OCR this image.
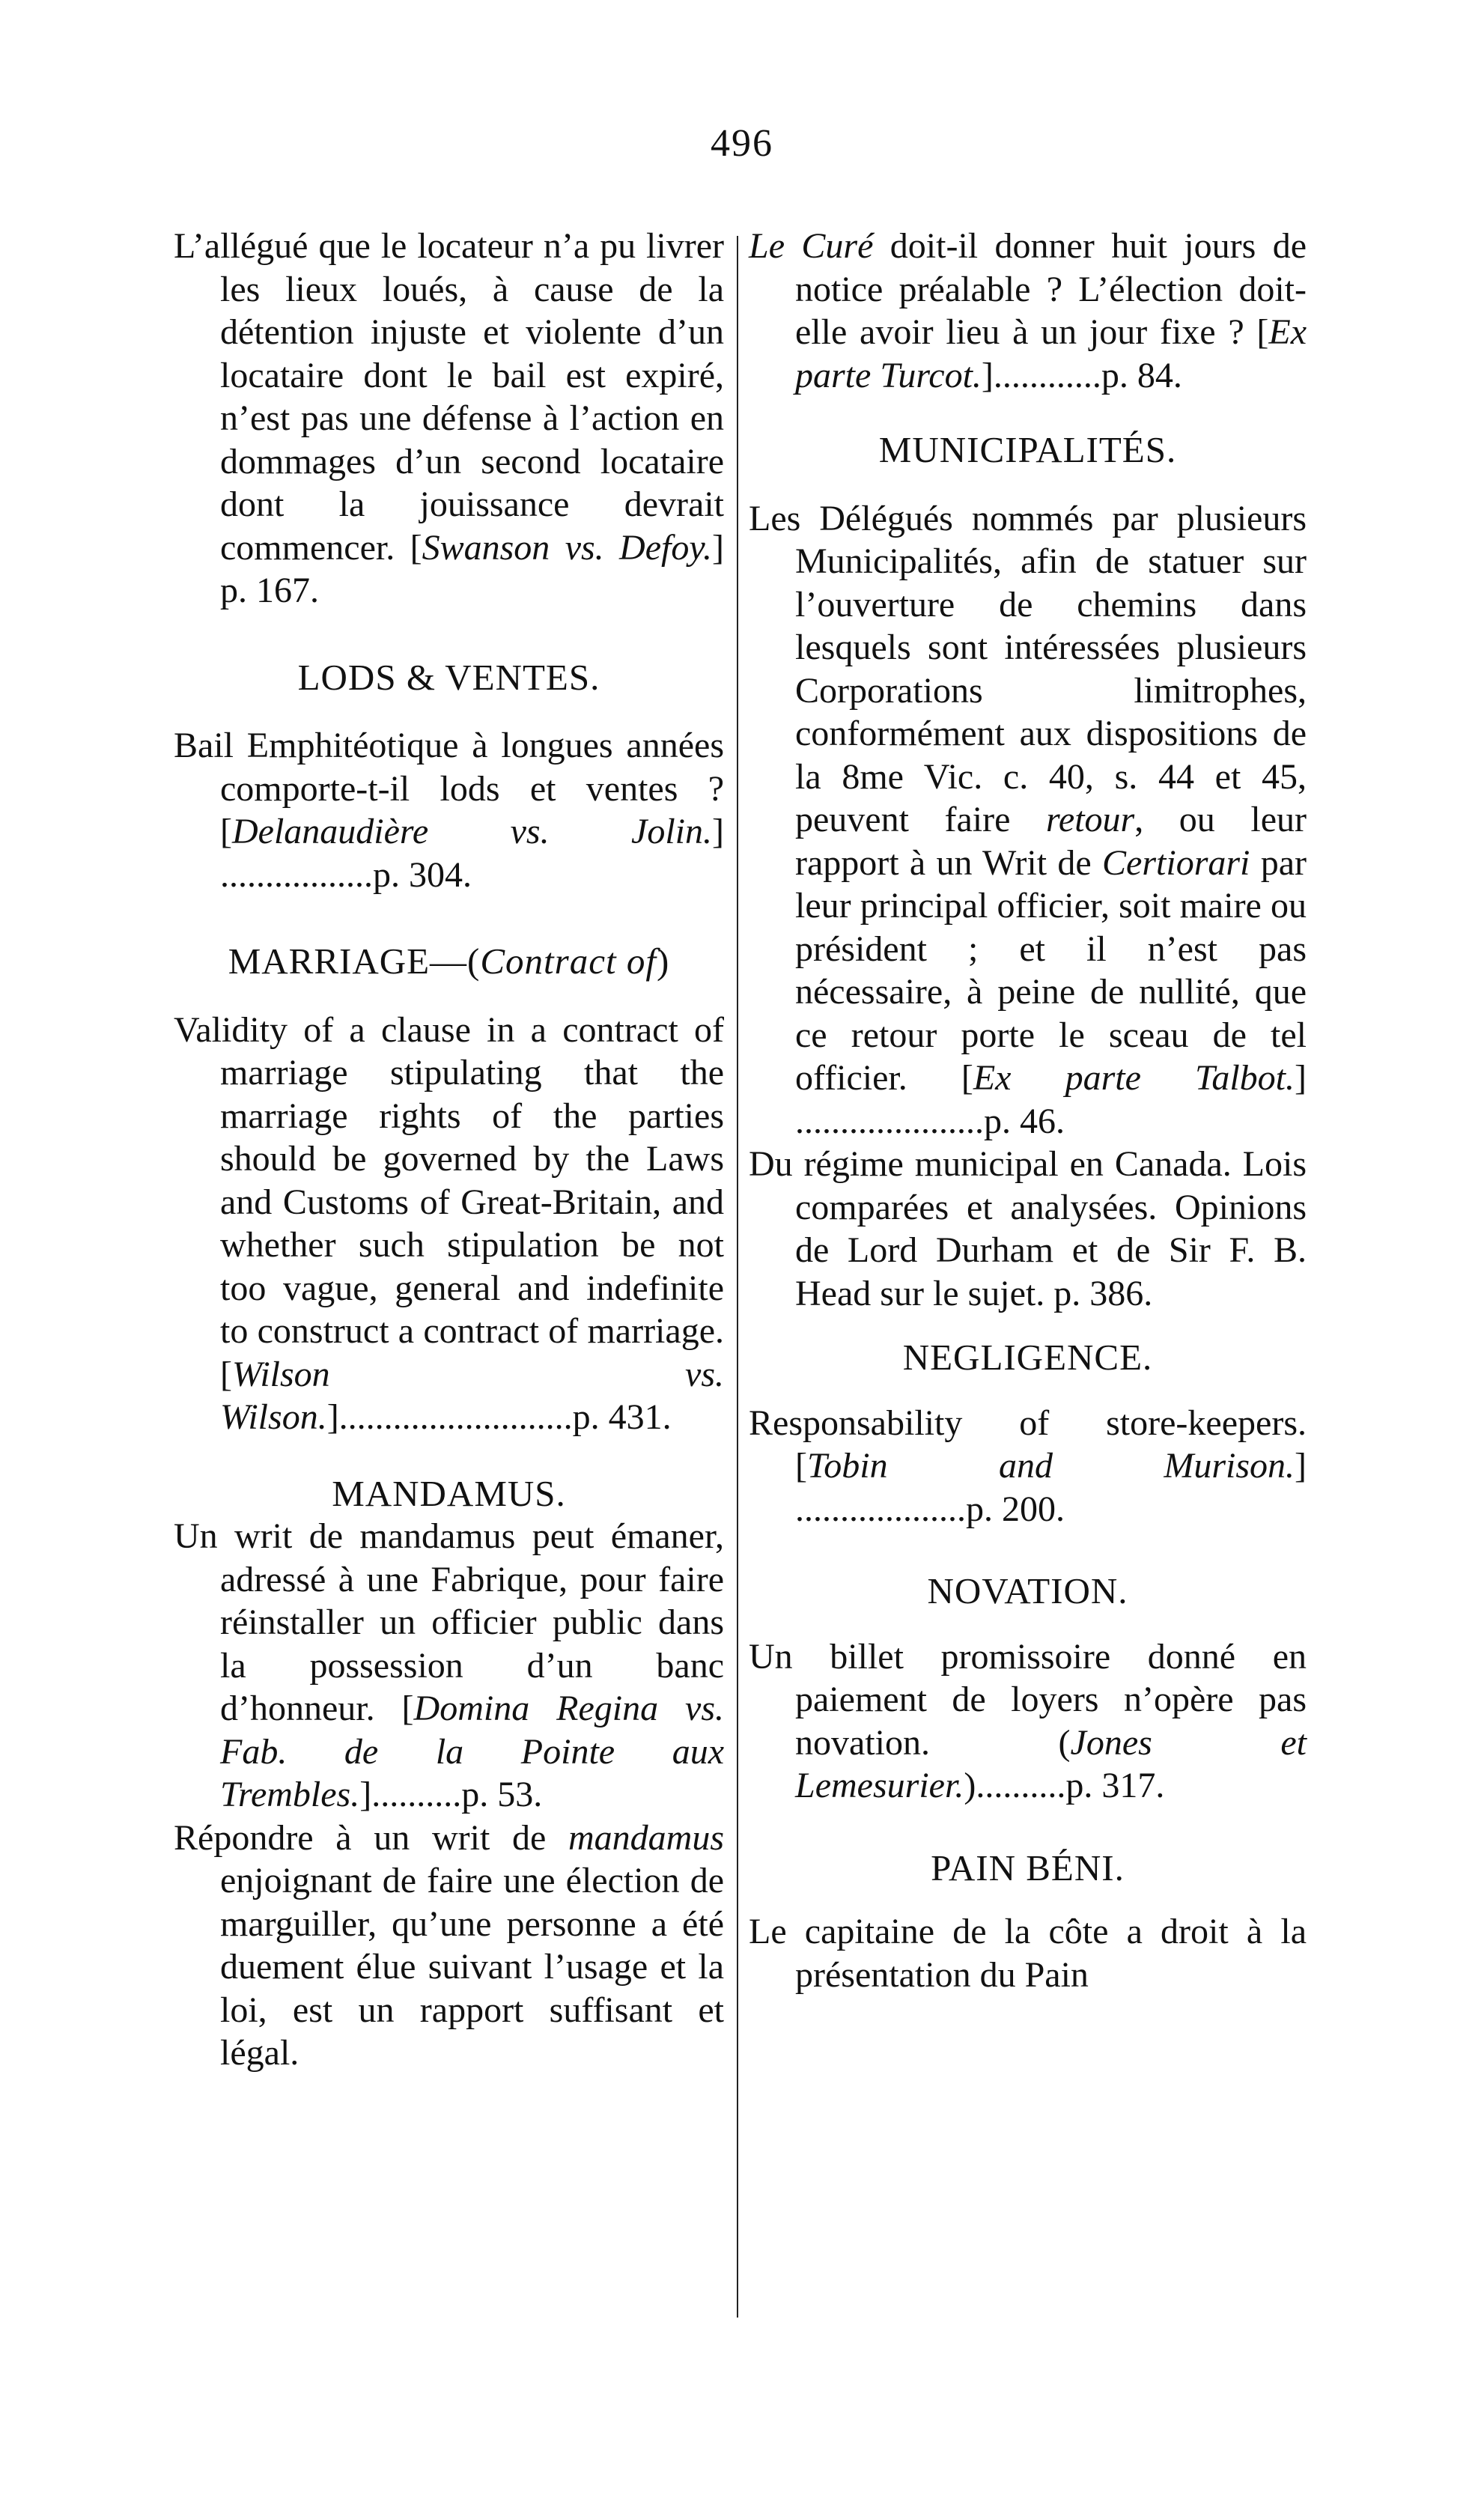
496

L’allégué que le locateur n’a pu livrer les lieux loués, à cause de la détention injuste et violente d’un locataire dont le bail est expiré, n’est pas une défense à l’action en dommages d’un second locataire dont la jouissance devrait commencer. [Swanson vs. Defoy.] p. 167.

LODS & VENTES.

Bail Emphitéotique à longues années comporte-t-il lods et ventes ? [Delanaudière vs. Jolin.] .................p. 304.

MARRIAGE—(Contract of)

Validity of a clause in a contract of marriage stipulating that the marriage rights of the parties should be governed by the Laws and Customs of Great-Britain, and whether such stipulation be not too vague, general and indefinite to construct a contract of marriage. [Wilson vs. Wilson.]..........................p. 431.

MANDAMUS.

Un writ de mandamus peut émaner, adressé à une Fabrique, pour faire réinstaller un officier public dans la possession d’un banc d’honneur. [Domina Regina vs. Fab. de la Pointe aux Trembles.]..........p. 53.

Répondre à un writ de mandamus enjoignant de faire une élection de marguiller, qu’une personne a été duement élue suivant l’usage et la loi, est un rapport suffisant et légal.

Le Curé doit-il donner huit jours de notice préalable ? L’élection doit-elle avoir lieu à un jour fixe ? [Ex parte Turcot.]............p. 84.

MUNICIPALITÉS.

Les Délégués nommés par plusieurs Municipalités, afin de statuer sur l’ouverture de chemins dans lesquels sont intéressées plusieurs Corporations limitrophes, conformément aux dispositions de la 8me Vic. c. 40, s. 44 et 45, peuvent faire retour, ou leur rapport à un Writ de Certiorari par leur principal officier, soit maire ou président ; et il n’est pas nécessaire, à peine de nullité, que ce retour porte le sceau de tel officier. [Ex parte Talbot.] .....................p. 46.

Du régime municipal en Canada. Lois comparées et analysées. Opinions de Lord Durham et de Sir F. B. Head sur le sujet. p. 386.

NEGLIGENCE.

Responsability of store-keepers. [Tobin and Murison.] ...................p. 200.

NOVATION.

Un billet promissoire donné en paiement de loyers n’opère pas novation. (Jones et Lemesurier.)..........p. 317.

PAIN BÉNI.

Le capitaine de la côte a droit à la présentation du Pain
